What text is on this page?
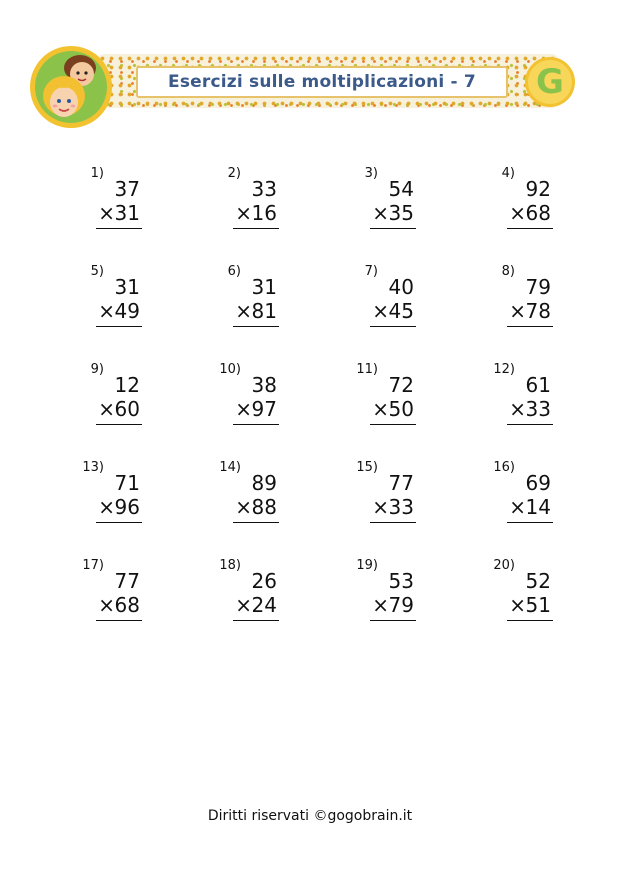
Esercizi sulle moltiplicazioni - 7	G
1)
37
× 31
2)
33
× 16
3)
54
× 35
4)
92
× 68
5)
31
× 49
6)
31
× 81
7)
40
× 45
8)
79
× 78
9)
12
× 60
10)
38
× 97
11)
72
× 50
12)
61
× 33
13)
71
× 96
14)
89
× 88
15)
77
× 33
16)
69
× 14
17)
77
× 68
18)
26
× 24
19)
53
× 79
20)
52
× 51
Diritti riservati ©gogobrain.it
